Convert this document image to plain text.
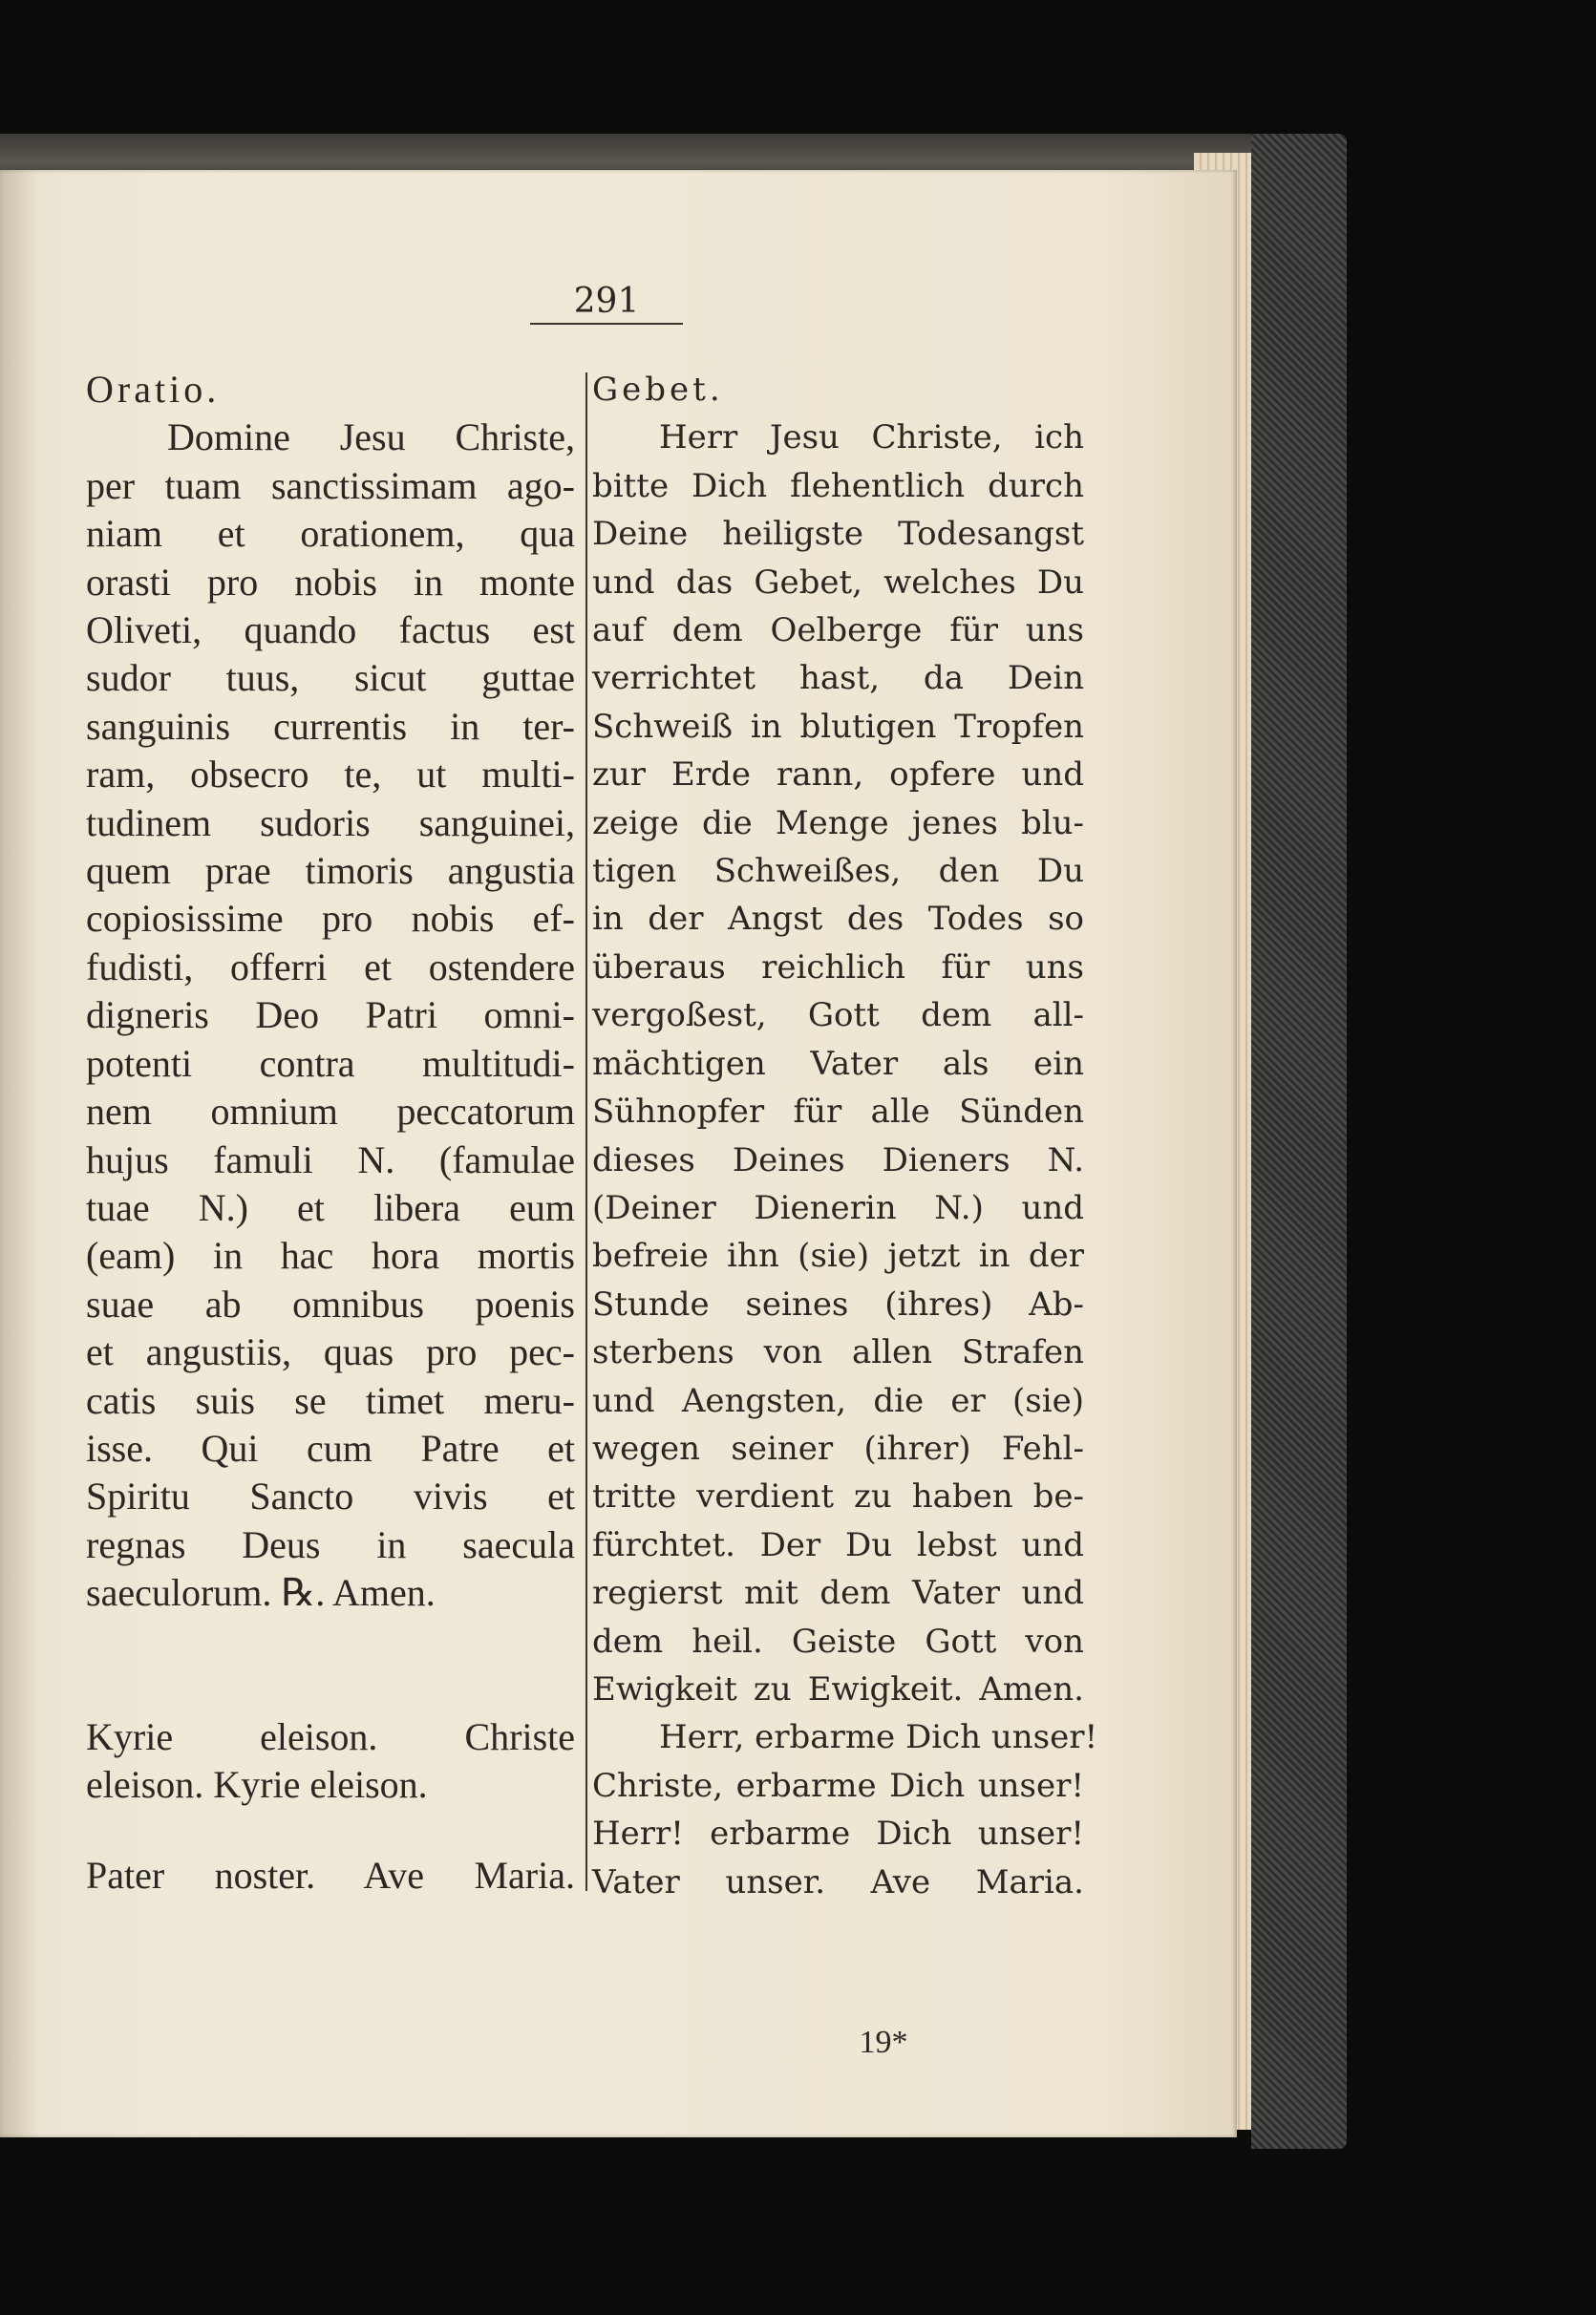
291
Oratio.
Domine Jesu Christe,
per tuam sanctissimam ago-
niam et orationem, qua
orasti pro nobis in monte
Oliveti, quando factus est
sudor tuus, sicut guttae
sanguinis currentis in ter-
ram, obsecro te, ut multi-
tudinem sudoris sanguinei,
quem prae timoris angustia
copiosissime pro nobis ef-
fudisti, offerri et ostendere
digneris Deo Patri omni-
potenti contra multitudi-
nem omnium peccatorum
hujus famuli N. (famulae
tuae N.) et libera eum
(eam) in hac hora mortis
suae ab omnibus poenis
et angustiis, quas pro pec-
catis suis se timet meru-
isse. Qui cum Patre et
Spiritu Sancto vivis et
regnas Deus in saecula
saeculorum. ℞. Amen.
Kyrie eleison. Christe
eleison. Kyrie eleison.
Pater noster. Ave Maria.
Gebet.
Herr Jesu Christe, ich
bitte Dich flehentlich durch
Deine heiligste Todesangst
und das Gebet, welches Du
auf dem Oelberge für uns
verrichtet hast, da Dein
Schweiß in blutigen Tropfen
zur Erde rann, opfere und
zeige die Menge jenes blu-
tigen Schweißes, den Du
in der Angst des Todes so
überaus reichlich für uns
vergoßest, Gott dem all-
mächtigen Vater als ein
Sühnopfer für alle Sünden
dieses Deines Dieners N.
(Deiner Dienerin N.) und
befreie ihn (sie) jetzt in der
Stunde seines (ihres) Ab-
sterbens von allen Strafen
und Aengsten, die er (sie)
wegen seiner (ihrer) Fehl-
tritte verdient zu haben be-
fürchtet. Der Du lebst und
regierst mit dem Vater und
dem heil. Geiste Gott von
Ewigkeit zu Ewigkeit. Amen.
Herr, erbarme Dich unser!
Christe, erbarme Dich unser!
Herr! erbarme Dich unser!
Vater unser. Ave Maria.
19*
